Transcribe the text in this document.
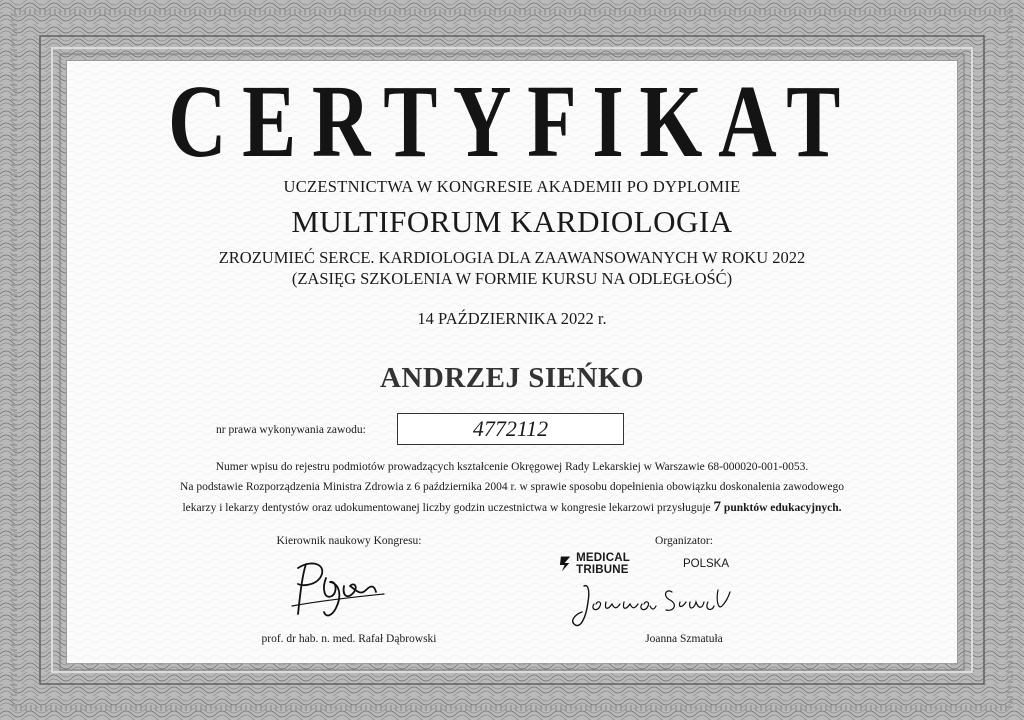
CERTYFIKAT
UCZESTNICTWA W KONGRESIE AKADEMII PO DYPLOMIE
MULTIFORUM KARDIOLOGIA
ZROZUMIEĆ SERCE. KARDIOLOGIA DLA ZAAWANSOWANYCH W ROKU 2022
(ZASIĘG SZKOLENIA W FORMIE KURSU NA ODLEGŁOŚĆ)
14 PAŹDZIERNIKA 2022 r.
ANDRZEJ SIEŃKO
nr prawa wykonywania zawodu:	4772112
Numer wpisu do rejestru podmiotów prowadzących kształcenie Okręgowej Rady Lekarskiej w Warszawie 68-000020-001-0053.
Na podstawie Rozporządzenia Ministra Zdrowia z 6 października 2004 r. w sprawie sposobu dopełnienia obowiązku doskonalenia zawodowego
lekarzy i lekarzy dentystów oraz udokumentowanej liczby godzin uczestnictwa w kongresie lekarzowi przysługuje 7 punktów edukacyjnych.
Kierownik naukowy Kongresu:
prof. dr hab. n. med. Rafał Dąbrowski
Organizator:
MEDICAL TRIBUNE	POLSKA
Joanna Szmatuła
